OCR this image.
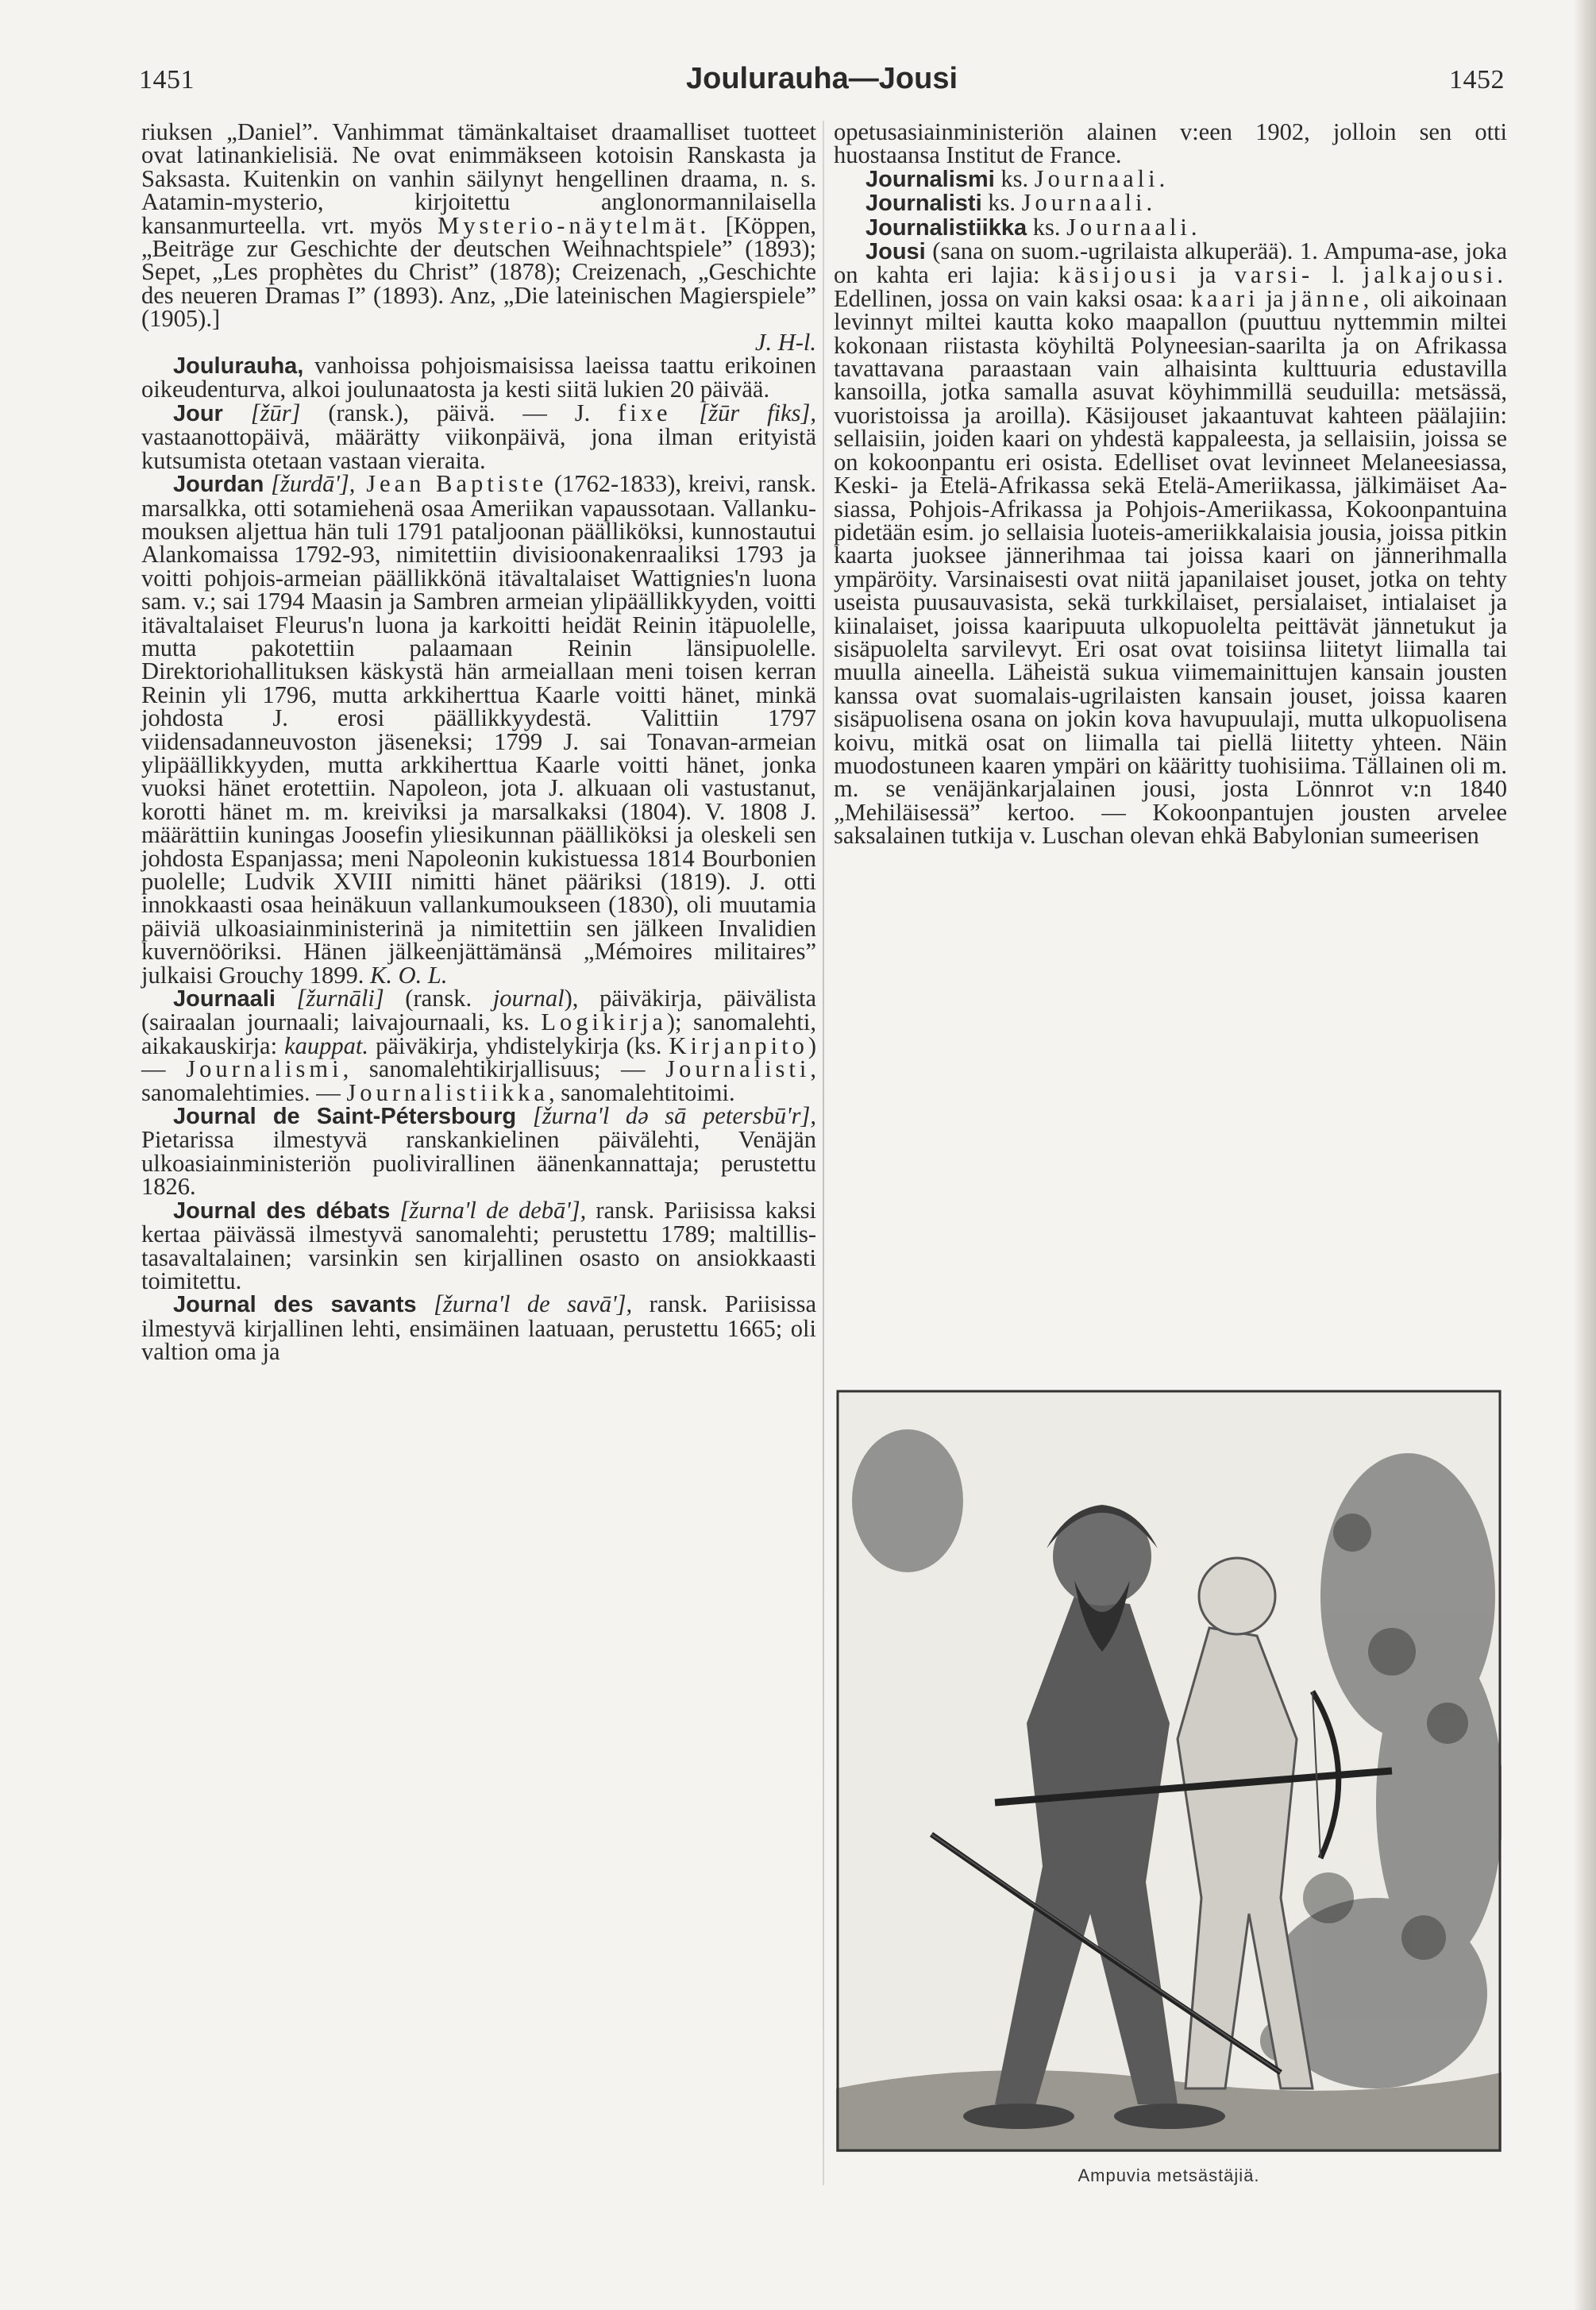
1451	Joulurauha—Jousi	1452

riuksen „Daniel”. Vanhimmat tämänkaltaiset draamalliset tuotteet ovat latinankielisiä. Ne ovat enimmäkseen kotoisin Ranskasta ja Saksasta. Kuitenkin on vanhin säilynyt hengellinen draama, n. s. Aatamin-mysterio, kirjoitettu anglonormannilaisella kansanmurteella. vrt. myös Mysterio-näytelmät. [Köppen, „Beiträge zur Geschichte der deutschen Weihnachtspiele” (1893); Sepet, „Les prophètes du Christ” (1878); Creizenach, „Geschichte des neueren Dramas I” (1893). Anz, „Die lateinischen Magierspiele” (1905).]

J. H-l.

Joulurauha, vanhoissa pohjoismaisissa laeissa taattu erikoinen oikeudenturva, alkoi joulunaatosta ja kesti siitä lukien 20 päivää.

Jour [žūr] (ransk.), päivä. — J. fixe [žūr fiks], vastaanottopäivä, määrätty viikonpäivä, jona ilman erityistä kutsumista otetaan vastaan vieraita.

Jourdan [žurdā'], Jean Baptiste (1762-1833), kreivi, ransk. marsalkka, otti sotamiehenä osaa Ameriikan vapaussotaan. Vallankumouksen aljettua hän tuli 1791 pataljoonan päälliköksi, kunnostautui Alankomaissa 1792-93, nimitettiin divisioonakenraaliksi 1793 ja voitti pohjois-armeian päällikkönä itävaltalaiset Wattignies'n luona sam. v.; sai 1794 Maasin ja Sambren armeian ylipäällikkyyden, voitti itävaltalaiset Fleurus'n luona ja karkoitti heidät Reinin itäpuolelle, mutta pakotettiin palaamaan Reinin länsipuolelle. Direktoriohallituksen käskystä hän armeiallaan meni toisen kerran Reinin yli 1796, mutta arkkiherttua Kaarle voitti hänet, minkä johdosta J. erosi päällikkyydestä. Valittiin 1797 viidensadanneuvoston jäseneksi; 1799 J. sai Tonavan-armeian ylipäällikkyyden, mutta arkkiherttua Kaarle voitti hänet, jonka vuoksi hänet erotettiin. Napoleon, jota J. alkuaan oli vastustanut, korotti hänet m. m. kreiviksi ja marsalkaksi (1804). V. 1808 J. määrättiin kuningas Joosefin yliesikunnan päälliköksi ja oleskeli sen johdosta Espanjassa; meni Napoleonin kukistuessa 1814 Bourbonien puolelle; Ludvik XVIII nimitti hänet pääriksi (1819). J. otti innokkaasti osaa heinäkuun vallankumoukseen (1830), oli muutamia päiviä ulkoasiainministerinä ja nimitettiin sen jälkeen Invalidien kuvernööriksi. Hänen jälkeenjättämänsä „Mémoires militaires” julkaisi Grouchy 1899. K. O. L.

Journaali [žurnāli] (ransk. journal), päiväkirja, päivälista (sairaalan journaali; laivajournaali, ks. Logikirja); sanomalehti, aikakauskirja: kauppat. päiväkirja, yhdistelykirja (ks. Kirjanpito) — Journalismi, sanomalehtikirjallisuus; — Journalisti, sanomalehtimies. — Journalistiikka, sanomalehtitoimi.

Journal de Saint-Pétersbourg [žurna'l də sā petersbū'r], Pietarissa ilmestyvä ranskankielinen päivälehti, Venäjän ulkoasiainministeriön puolivirallinen äänenkannattaja; perustettu 1826.

Journal des débats [žurna'l de debā'], ransk. Pariisissa kaksi kertaa päivässä ilmestyvä sanomalehti; perustettu 1789; maltillis-tasavaltalainen; varsinkin sen kirjallinen osasto on ansiokkaasti toimitettu.

Journal des savants [žurna'l de savā'], ransk. Pariisissa ilmestyvä kirjallinen lehti, ensimäinen laatuaan, perustettu 1665; oli valtion oma ja

opetusasiainministeriön alainen v:een 1902, jolloin sen otti huostaansa Institut de France.

Journalismi ks. Journaali.

Journalisti ks. Journaali.

Journalistiikka ks. Journaali.

Jousi (sana on suom.-ugrilaista alkuperää). 1. Ampuma-ase, joka on kahta eri lajia: käsijousi ja varsi- l. jalkajousi. Edellinen, jossa on vain kaksi osaa: kaari ja jänne, oli aikoinaan levinnyt miltei kautta koko maapallon (puuttuu nyttemmin miltei kokonaan riistasta köyhiltä Polyneesian-saarilta ja on Afrikassa tavattavana paraastaan vain alhaisinta kulttuuria edustavilla kansoilla, jotka samalla asuvat köyhimmillä seuduilla: metsässä, vuoristoissa ja aroilla). Käsijouset jakaantuvat kahteen päälajiin: sellaisiin, joiden kaari on yhdestä kappaleesta, ja sellaisiin, joissa se on kokoonpantu eri osista. Edelliset ovat levinneet Melaneesiassa, Keski- ja Etelä-Afrikassa sekä Etelä-Ameriikassa, jälkimäiset Aasiassa, Pohjois-Afrikassa ja Pohjois-Ameriikassa, Kokoonpantuina pidetään esim. jo sellaisia luoteis-ameriikkalaisia jousia, joissa pitkin kaarta juoksee jännerihmaa tai joissa kaari on jännerihmalla ympäröity. Varsinaisesti ovat niitä japanilaiset jouset, jotka on tehty useista puusauvasista, sekä turkkilaiset, persialaiset, intialaiset ja kiinalaiset, joissa kaaripuuta ulkopuolelta peittävät jännetukut ja sisäpuolelta sarvilevyt. Eri osat ovat toisiinsa liitetyt liimalla tai muulla aineella. Läheistä sukua viimemainittujen kansain jousten kanssa ovat suomalais-ugrilaisten kansain jouset, joissa kaaren sisäpuolisena osana on jokin kova havupuulaji, mutta ulkopuolisena koivu, mitkä osat on liimalla tai piellä liitetty yhteen. Näin muodostuneen kaaren ympäri on kääritty tuohisiima. Tällainen oli m. m. se venäjänkarjalainen jousi, josta Lönnrot v:n 1840 „Mehiläisessä” kertoo. — Kokoonpantujen jousten arvelee saksalainen tutkija v. Luschan olevan ehkä Babylonian sumeerisen

Ampuvia metsästäjiä.
